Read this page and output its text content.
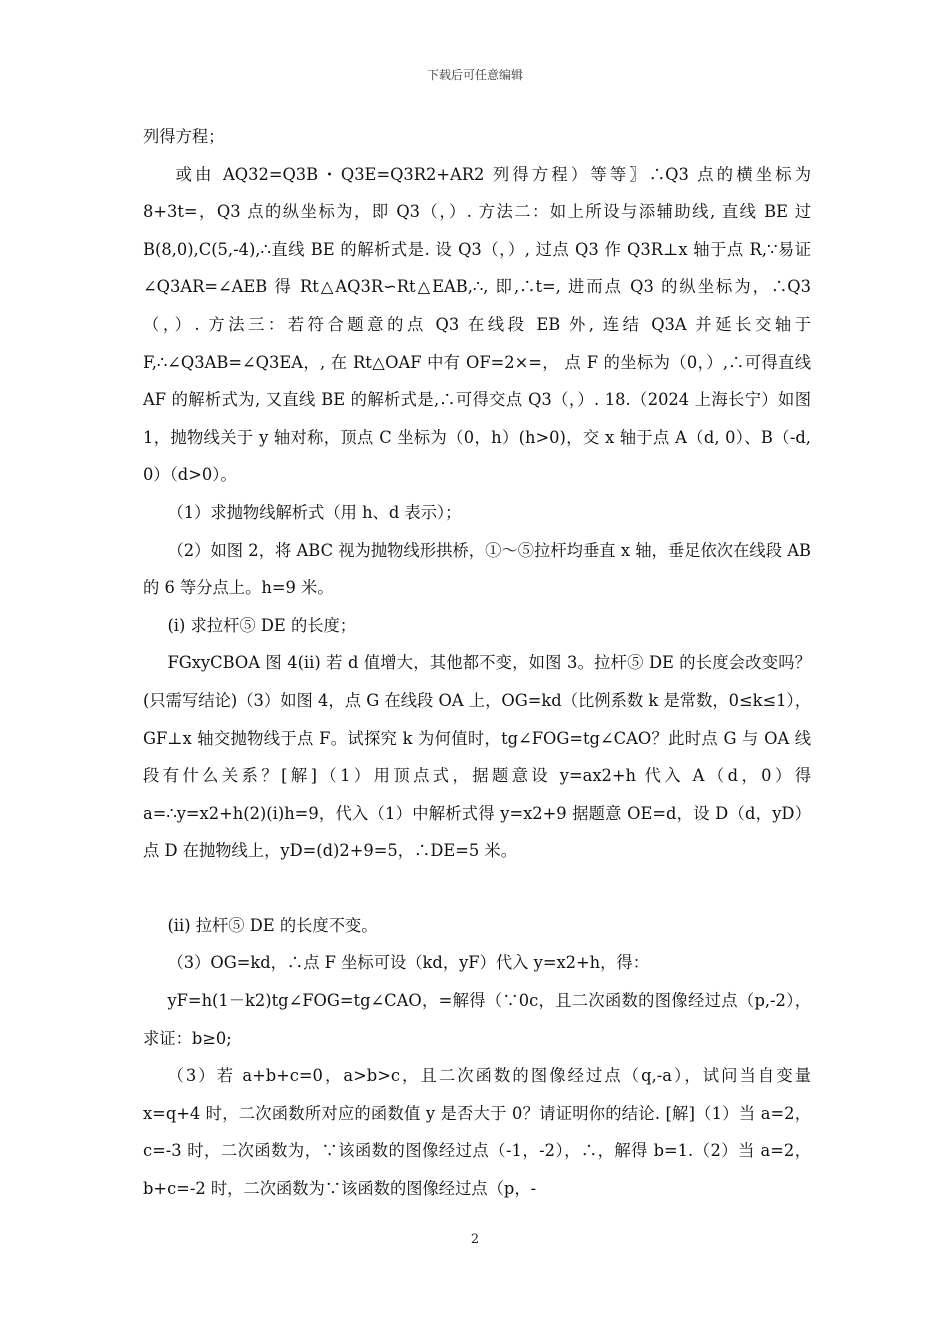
下载后可任意编辑

列得方程；

或由 AQ32=Q3B・Q3E=Q3R2+AR2 列得方程）等等〗∴Q3 点的横坐标为 8+3t=，Q3 点的纵坐标为，即 Q3（，）. 方法二：如上所设与添辅助线, 直线 BE 过 B(8,0),C(5,-4),∴直线 BE 的解析式是. 设 Q3（，）, 过点 Q3 作 Q3R⊥x 轴于点 R,∵易证∠Q3AR=∠AEB 得 Rt△AQ3R∽Rt△EAB,∴, 即,∴t=, 进而点 Q3 的纵坐标为，∴Q3（，）. 方法三：若符合题意的点 Q3 在线段 EB 外, 连结 Q3A 并延长交轴于 F,∴∠Q3AB=∠Q3EA，, 在 Rt△OAF 中有 OF=2×=， 点 F 的坐标为（0，）,∴可得直线 AF 的解析式为, 又直线 BE 的解析式是,∴可得交点 Q3（，）. 18.（2024 上海长宁）如图 1，抛物线关于 y 轴对称，顶点 C 坐标为（0，h）(h>0)，交 x 轴于点 A（d, 0）、B（-d, 0）（d>0）。

（1）求抛物线解析式（用 h、d 表示）；

（2）如图 2，将 ABC 视为抛物线形拱桥，①～⑤拉杆均垂直 x 轴，垂足依次在线段 AB 的 6 等分点上。h=9 米。

(i) 求拉杆⑤ DE 的长度；

FGxyCBOA 图 4(ii) 若 d 值增大，其他都不变，如图 3。拉杆⑤ DE 的长度会改变吗？(只需写结论)（3）如图 4，点 G 在线段 OA 上，OG=kd（比例系数 k 是常数，0≤k≤1），GF⊥x 轴交抛物线于点 F。试探究 k 为何值时，tg∠FOG=tg∠CAO？此时点 G 与 OA 线段有什么关系？[解]（1）用顶点式，据题意设 y=ax2+h 代入 A（d，0）得 a=∴y=x2+h(2)(i)h=9，代入（1）中解析式得 y=x2+9 据题意 OE=d，设 D（d，yD）点 D 在抛物线上，yD=(d)2+9=5，∴DE=5 米。

(ii) 拉杆⑤ DE 的长度不变。

（3）OG=kd，∴点 F 坐标可设（kd，yF）代入 y=x2+h，得：

yF=h(1－k2)tg∠FOG=tg∠CAO，=解得（∵0c，且二次函数的图像经过点（p,-2），求证：b≥0;

（3）若 a+b+c=0，a>b>c，且二次函数的图像经过点（q,-a），试问当自变量 x=q+4 时，二次函数所对应的函数值 y 是否大于 0？请证明你的结论. [解]（1）当 a=2，c=-3 时，二次函数为，∵该函数的图像经过点（-1，-2），∴，解得 b=1.（2）当 a=2，b+c=-2 时，二次函数为∵该函数的图像经过点（p，-

2
